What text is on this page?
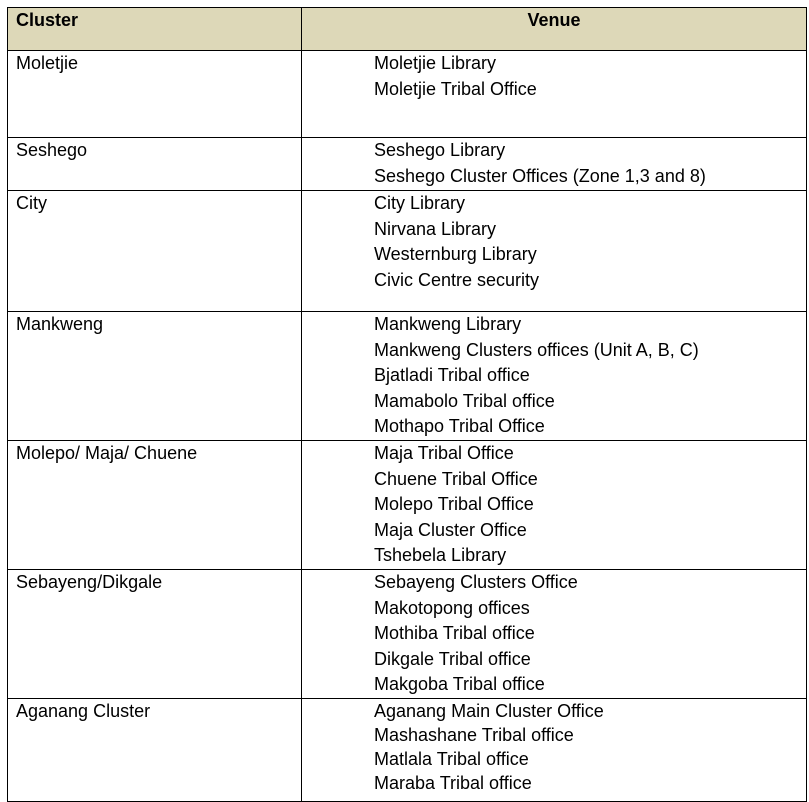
Cluster	Venue
Moletjie	Moletjie Library
Moletjie Tribal Office

Seshego	Seshego Library
Seshego Cluster Offices (Zone 1,3 and 8)

City	City Library
Nirvana Library
Westernburg Library
Civic Centre security

Mankweng	Mankweng Library
Mankweng Clusters offices (Unit A, B, C)
Bjatladi Tribal office
Mamabolo Tribal office
Mothapo Tribal Office

Molepo/ Maja/ Chuene	Maja Tribal Office
Chuene Tribal Office
Molepo Tribal Office
Maja Cluster Office
Tshebela Library

Sebayeng/Dikgale	Sebayeng Clusters Office
Makotopong offices
Mothiba Tribal office
Dikgale Tribal office
Makgoba Tribal office

Aganang Cluster	Aganang Main Cluster Office
Mashashane Tribal office
Matlala Tribal office
Maraba Tribal office
